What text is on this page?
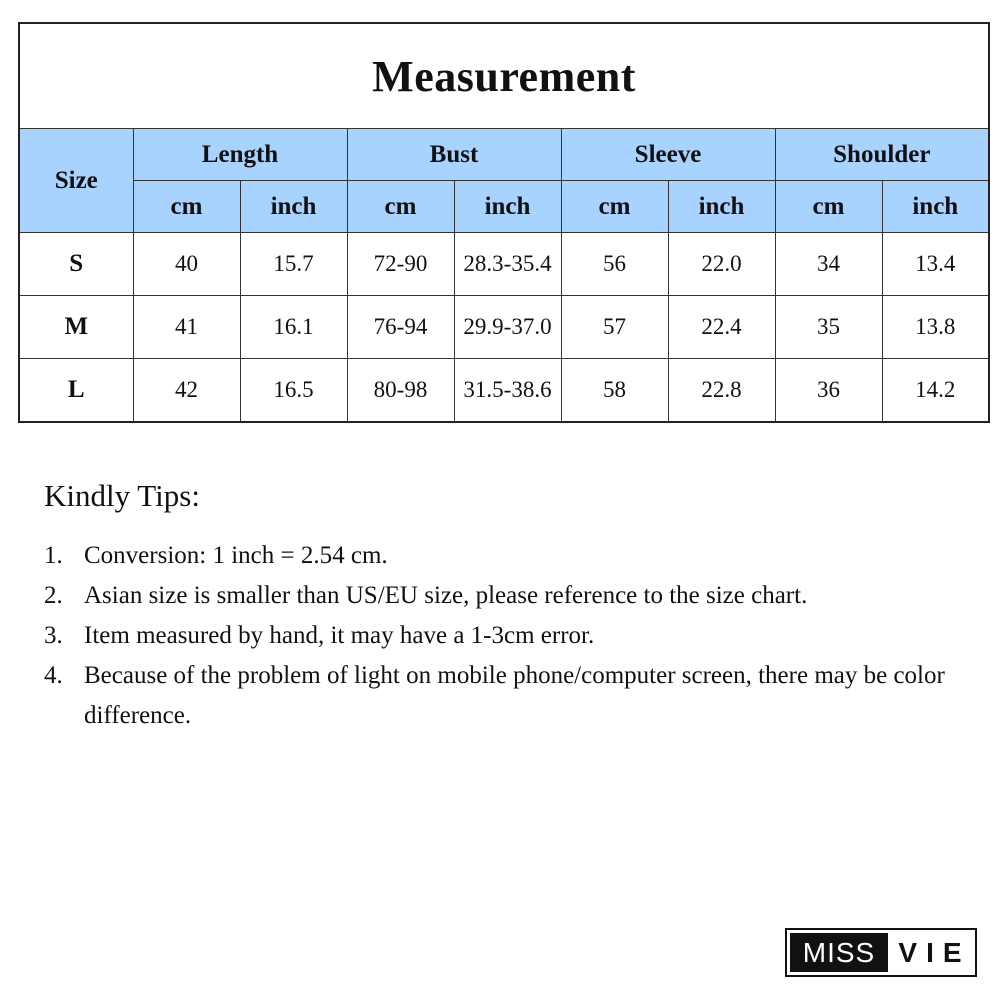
Measurement								
Size	Length		Bust		Sleeve		Shoulder	
	cm	inch	cm	inch	cm	inch	cm	inch
S	40	15.7	72-90	28.3-35.4	56	22.0	34	13.4
M	41	16.1	76-94	29.9-37.0	57	22.4	35	13.8
L	42	16.5	80-98	31.5-38.6	58	22.8	36	14.2
Kindly Tips:
1. Conversion: 1 inch = 2.54 cm.
2. Asian size is smaller than US/EU size, please reference to the size chart.
3. Item measured by hand, it may have a 1-3cm error.
4. Because of the problem of light on mobile phone/computer screen, there may be color difference.
MISS VIE
